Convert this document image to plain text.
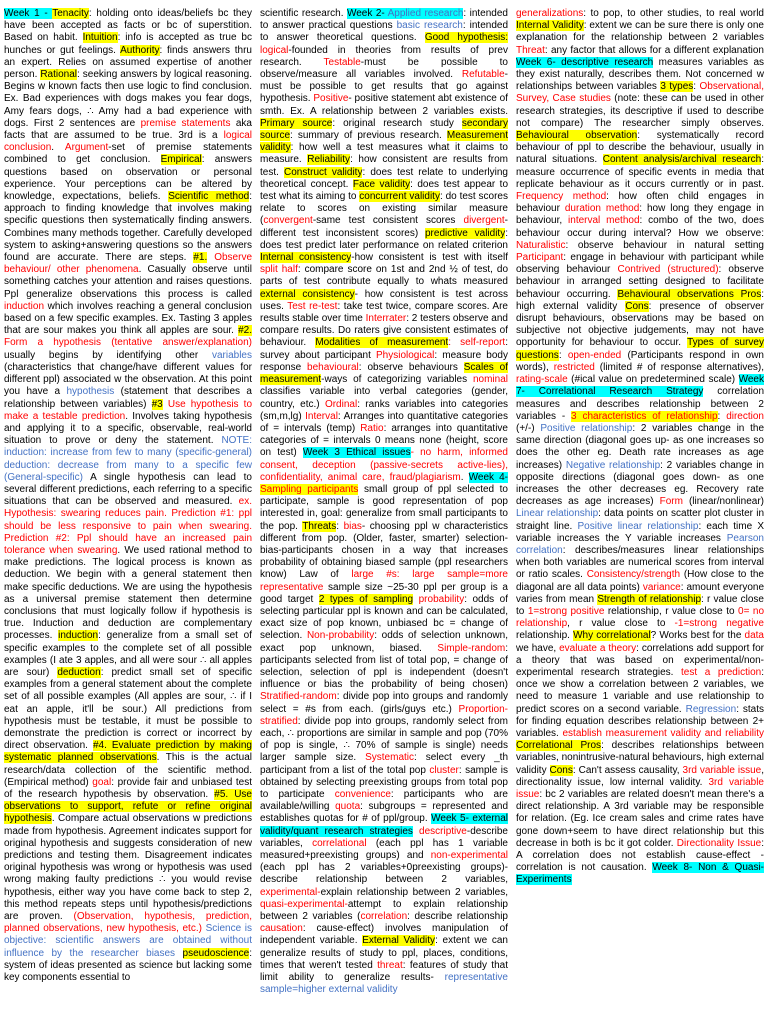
Week 1 - Tenacity: holding onto ideas/beliefs bc they have been accepted as facts or bc of superstition. Based on habit. Intuition: info is accepted as true bc hunches or gut feelings. Authority: finds answers thru an expert. Relies on assumed expertise of another person. Rational: seeking answers by logical reasoning. Begins w known facts then use logic to find conclusion. Ex. Bad experiences with dogs makes you fear dogs, Amy fears dogs, ∴ Amy had a bad experience with dogs. First 2 sentences are premise statements aka facts that are assumed to be true. 3rd is a logical conclusion. Argument-set of premise statements combined to get conclusion. Empirical: answers questions based on observation or personal experience. Your perceptions can be altered by knowledge, expectations, beliefs. Scientific method: approach to finding knowledge that involves making specific questions then systematically finding answers. Combines many methods together. Carefully developed system to asking+answering questions so the answers found are accurate. There are steps. #1. Observe behaviour/ other phenomena. Casually observe until something catches your attention and raises questions. Ppl generalize observations this process is called induction which involves reaching a general conclusion based on a few specific examples. Ex. Tasting 3 apples that are sour makes you think all apples are sour. #2. Form a hypothesis (tentative answer/explanation) usually begins by identifying other variables (characteristics that change/have different values for different ppl) associated w the observation. At this point you have a hypothesis (statement that describes a relationship between variables) #3 Use hypothesis to make a testable prediction. Involves taking hypothesis and applying it to a specific, observable, real-world situation to prove or deny the statement. NOTE: induction: increase from few to many (specific-general) deduction: decrease from many to a specific few (General-specific) A single hypothesis can lead to several different predictions, each referring to a specific situations that can be observed and measured. ex. Hypothesis: swearing reduces pain. Prediction #1: ppl should be less responsive to pain when swearing. Prediction #2: Ppl should have an increased pain tolerance when swearing. We used rational method to make predictions. The logical process is known as deduction. We begin with a general statement then make specific deductions. We are using the hypothesis as a universal premise statement then determine conclusions that must logically follow if hypothesis is true. Induction and deduction are complementary processes. induction: generalize from a small set of specific examples to the complete set of all possible examples (I ate 3 apples, and all were sour ∴ all apples are sour) deduction: predict small set of specific examples from a general statement about the complete set of all possible examples (All apples are sour, ∴ if I eat an apple, it'll be sour.) All predictions from hypothesis must be testable, it must be possible to demonstrate the prediction is correct or incorrect by direct observation. #4. Evaluate prediction by making systematic planned observations. This is the actual research/data collection of the scientific method. (Empirical method) goal: provide fair and unbiased test of the research hypothesis by observation. #5. Use observations to support, refute or refine original hypothesis. Compare actual observations w predictions made from hypothesis. Agreement indicates support for original hypothesis and suggests consideration of new predictions and testing them. Disagreement indicates original hypothesis was wrong or hypothesis was used wrong making faulty predictions ∴ you would revise hypothesis, either way you have come back to step 2, this method repeats steps until hypothesis/predictions are proven. (Observation, hypothesis, prediction, planned observations, new hypothesis, etc.) Science is objective: scientific answers are obtained without influence by the researcher biases pseudoscience: system of ideas presented as science but lacking some key components essential to
scientific research. Week 2- Applied research: intended to answer practical questions basic research: intended to answer theoretical questions. Good hypothesis: logical-founded in theories from results of prev research. Testable-must be possible to observe/measure all variables involved. Refutable- must be possible to get results that go against hypothesis. Positive- positive statement abt existence of smth. Ex. A relationship between 2 variables exists. Primary source: original research study secondary source: summary of previous research. Measurement validity: how well a test measures what it claims to measure. Reliability: how consistent are results from test. Construct validity: does test relate to underlying theoretical concept. Face validity: does test appear to test what its aiming to concurrent validity: do test scores relate to scores on existing similar measure (convergent-same test consistent scores divergent-different test inconsistent scores) predictive validity: does test predict later performance on related criterion Internal consistency-how consistent is test with itself split half: compare score on 1st and 2nd ½ of test, do parts of test contribute equally to whats measured external consistency- how consistent is test across uses. Test re-test: take test twice, compare scores. Are results stable over time Interrater: 2 testers observe and compare results. Do raters give consistent estimates of behaviour. Modalities of measurement: self-report: survey about participant Physiological: measure body response behavioural: observe behaviours Scales of measurement-ways of categorizing variables nominal classifies variable into verbal categories (gender, country, etc.) Ordinal: ranks variables into categories (sm,m,lg) Interval: Arranges into quantitative categories of = intervals (temp) Ratio: arranges into quantitative categories of = intervals 0 means none (height, score on test) Week 3 Ethical issues- no harm, informed consent, deception (passive-secrets active-lies), confidentiality, animal care, fraud/plagiarism. Week 4- Sampling participants small group of ppl selected to participate, sample is good representation of pop interested in, goal: generalize from small participants to the pop. Threats: bias- choosing ppl w characteristics different from pop. (Older, faster, smarter) selection-bias-participants chosen in a way that increases probability of obtaining biased sample (ppl researchers know) Law of large #s: large sample=more representative sample size ~25-30 ppl per group is a good target 2 types of sampling probability: odds of selecting particular ppl is known and can be calculated, exact size of pop known, unbiased bc = change of selection. Non-probability: odds of selection unknown, exact pop unknown, biased. Simple-random: participants selected from list of total pop, = change of selection, selection of ppl is independent (doesn't influence or bias the probability of being chosen) Stratified-random: divide pop into groups and randomly select = #s from each. (girls/guys etc.) Proportion-stratified: divide pop into groups, randomly select from each, ∴ proportions are similar in sample and pop (70% of pop is single, ∴ 70% of sample is single) needs larger sample size. Systematic: select every _th participant from a list of the total pop cluster: sample is obtained by selecting preexisting groups from total pop to participate convenience: participants who are available/willing quota: subgroups = represented and establishes quotas for # of ppl/group. Week 5- external validity/quant research strategies descriptive-describe variables, correlational (each ppl has 1 variable measured+preexisting groups) and non-experimental (each ppl has 2 variables+0preexisting groups)-describe relationship between 2 variables, experimental-explain relationship between 2 variables, quasi-experimental-attempt to explain relationship between 2 variables (correlation: describe relationship causation: cause-effect) involves manipulation of independent variable. External Validity: extent we can generalize results of study to ppl, places, conditions, times that weren't tested threat: features of study that limit ability to generalize results- representative sample=higher external validity
generalizations: to pop, to other studies, to real world Internal Validity: extent we can be sure there is only one explanation for the relationship between 2 variables Threat: any factor that allows for a different explanation Week 6- descriptive research measures variables as they exist naturally, describes them. Not concerned w relationships between variables 3 types: Observational, Survey, Case studies (note: these can be used in other research strategies, its descriptive if used to describe not compare) The researcher simply observes. Behavioural observation: systematically record behaviour of ppl to describe the behaviour, usually in natural situations. Content analysis/archival research: measure occurrence of specific events in media that replicate behaviour as it occurs currently or in past. Frequency method: how often child engages in behaviour duration method: how long they engage in behaviour, interval method: combo of the two, does behaviour occur during interval? How we observe: Naturalistic: observe behaviour in natural setting Participant: engage in behaviour with participant while observing behaviour Contrived (structured): observe behaviour in arranged setting designed to facilitate behaviour occurring. Behavioural observations Pros: high external validity Cons: presence of observer disrupt behaviours, observations may be based on subjective not objective judgements, may not have opportunity for behaviour to occur. Types of survey questions: open-ended (Participants respond in own words), restricted (limited # of response alternatives), rating-scale (#ical value on predetermined scale) Week 7- Correlational Research Strategy correlation measures and describes relationship between 2 variables - 3 characteristics of relationship: direction (+/-) Positive relationship: 2 variables change in the same direction (diagonal goes up- as one increases so does the other eg. Death rate increases as age increases) Negative relationship: 2 variables change in opposite directions (diagonal goes down- as one increases the other decreases eg. Recovery rate decreases as age increases) Form (linear/nonlinear) Linear relationship: data points on scatter plot cluster in straight line. Positive linear relationship: each time X variable increases the Y variable increases Pearson correlation: describes/measures linear relationships when both variables are numerical scores from interval or ratio scales. Consistency/strength (How close to the diagonal are all data points) variance: amount everyone varies from mean Strength of relationship: r value close to 1=strong positive relationship, r value close to 0= no relationship, r value close to -1=strong negative relationship. Why correlational? Works best for the data we have, evaluate a theory: correlations add support for a theory that was based on experimental/non-experimental research strategies. test a prediction: once we show a correlation between 2 variables, we need to measure 1 variable and use relationship to predict scores on a second variable. Regression: stats for finding equation describes relationship between 2+ variables. establish measurement validity and reliability Correlational Pros: describes relationships between variables, nonintrusive-natural behaviours, high external validity Cons: Can't assess causality, 3rd variable issue, directionality issue, low internal validity. 3rd variable issue: bc 2 variables are related doesn't mean there's a direct relationship. A 3rd variable may be responsible for relation. (Eg. Ice cream sales and crime rates have gone down+seem to have direct relationship but this decrease in both is bc it got colder. Directionality Issue: A correlation does not establish cause-effect -correlation is not causation. Week 8- Non & Quasi-Experiments
